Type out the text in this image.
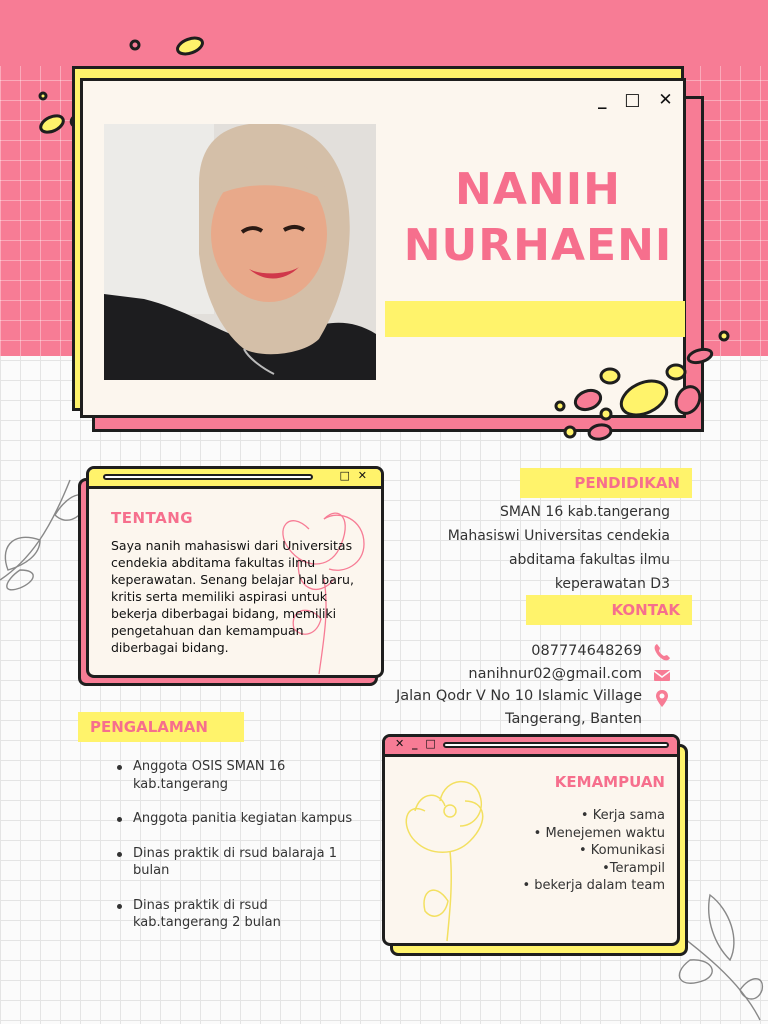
_ □ ✕
NANIH
NURHAENI
□ ✕
TENTANG

Saya nanih mahasiswi dari Universitas cendekia abditama fakultas ilmu keperawatan. Senang belajar hal baru, kritis serta memiliki aspirasi untuk bekerja diberbagai bidang, memiliki pengetahuan dan kemampuan diberbagai bidang.

PENDIDIKAN
SMAN 16 kab.tangerang
Mahasiswi Universitas cendekia
abditama fakultas ilmu
keperawatan D3
KONTAK
087774648269
nanihnur02@gmail.com
Jalan Qodr V No 10 Islamic Village
Tangerang, Banten
PENGALAMAN
Anggota OSIS SMAN 16 kab.tangerang
Anggota panitia kegiatan kampus
Dinas praktik di rsud balaraja 1 bulan
Dinas praktik di rsud kab.tangerang 2 bulan
✕ _ □
KEMAMPUAN
• Kerja sama
• Menejemen waktu
• Komunikasi
•Terampil
• bekerja dalam team
